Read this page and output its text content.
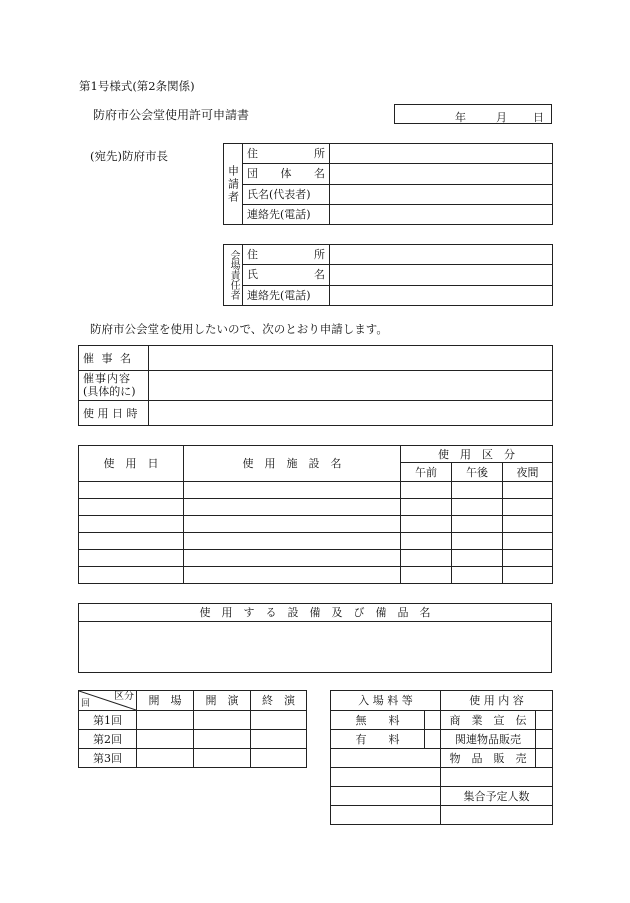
第1号様式(第2条関係)
防府市公会堂使用許可申請書	年	月 日
(宛先)防府市長
申請者	住 所	

	団 体 名	

	氏名(代表者)	
	連絡先(電話)	
会場責任者	住 所	

	氏 名	

	連絡先(電話)	
防府市公会堂を使用したいので、次のとおり申請します。
催 事 名	

催事内容
(具体的に)	

使 用 日 時	
使　用　日	使　用　施　設　名	使　用　区　分		
		午前	午後	夜間

使　用　す　る　設　備　及　び　備　品　名

区分
回	開　場	開　演	終　演
第1回			
第2回			
第3回			
入 場 料 等		使 用 内 容	
無　　料		商　業　宣　伝	
有　　料		関連物品販売	
		物　品　販　売	

		集合予定人数	
